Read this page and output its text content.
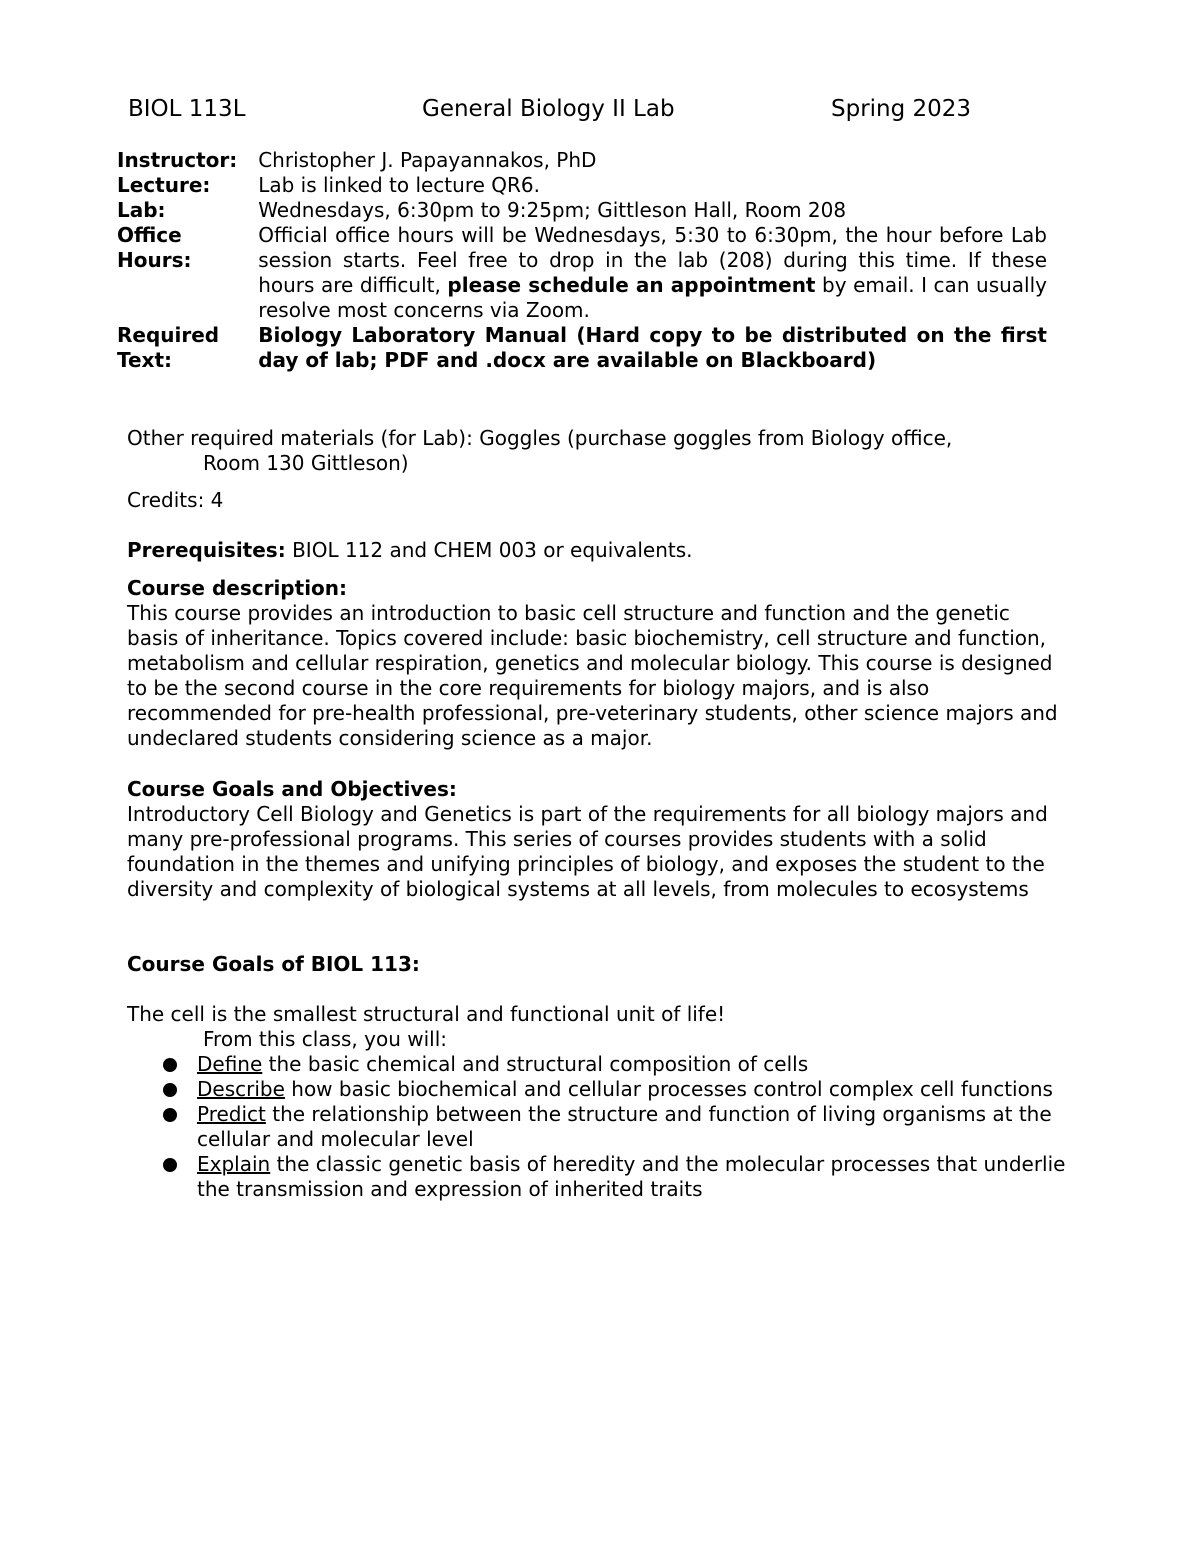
BIOL 113L	General Biology II Lab	Spring 2023
Instructor:	Christopher J. Papayannakos, PhD
Lecture:	Lab is linked to lecture QR6.
Lab:	Wednesdays, 6:30pm to 9:25pm; Gittleson Hall, Room 208
Office Hours:	Official office hours will be Wednesdays, 5:30 to 6:30pm, the hour before Lab session starts. Feel free to drop in the lab (208) during this time. If these hours are difficult, please schedule an appointment by email. I can usually resolve most concerns via Zoom.
Required Text:	Biology Laboratory Manual (Hard copy to be distributed on the first day of lab; PDF and .docx are available on Blackboard)
Other required materials (for Lab): Goggles (purchase goggles from Biology office,
Room 130 Gittleson)
Credits: 4
Prerequisites: BIOL 112 and CHEM 003 or equivalents.
Course description:
This course provides an introduction to basic cell structure and function and the genetic basis of inheritance. Topics covered include: basic biochemistry, cell structure and function, metabolism and cellular respiration, genetics and molecular biology. This course is designed to be the second course in the core requirements for biology majors, and is also recommended for pre-health professional, pre-veterinary students, other science majors and undeclared students considering science as a major.
Course Goals and Objectives:
Introductory Cell Biology and Genetics is part of the requirements for all biology majors and many pre-professional programs. This series of courses provides students with a solid foundation in the themes and unifying principles of biology, and exposes the student to the diversity and complexity of biological systems at all levels, from molecules to ecosystems
Course Goals of BIOL 113:
The cell is the smallest structural and functional unit of life!
From this class, you will:
Define the basic chemical and structural composition of cells
Describe how basic biochemical and cellular processes control complex cell functions
Predict the relationship between the structure and function of living organisms at the cellular and molecular level
Explain the classic genetic basis of heredity and the molecular processes that underlie the transmission and expression of inherited traits
